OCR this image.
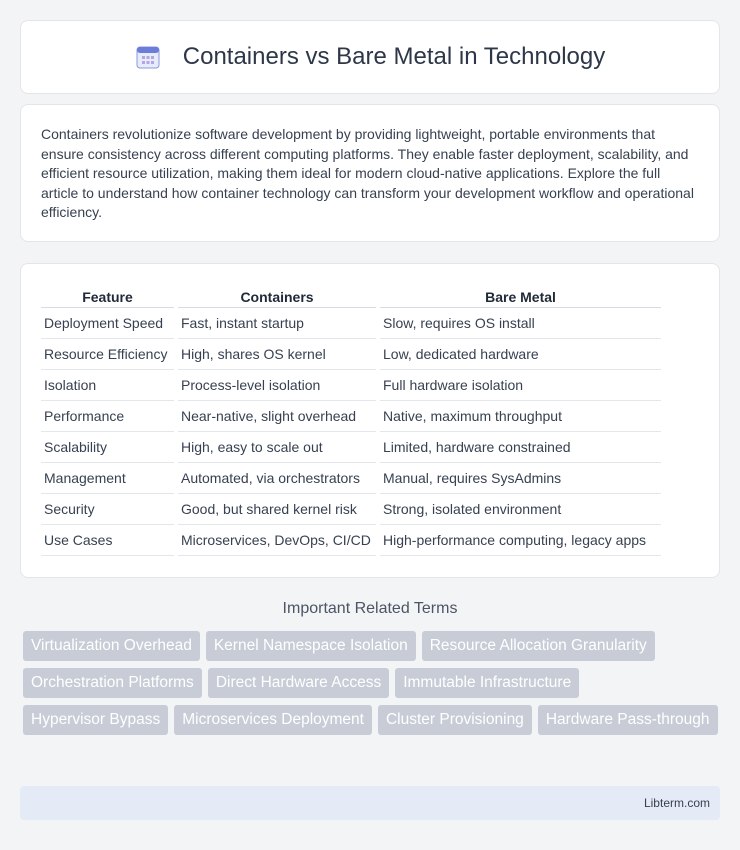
Containers vs Bare Metal in Technology

Containers revolutionize software development by providing lightweight, portable environments that ensure consistency across different computing platforms. They enable faster deployment, scalability, and efficient resource utilization, making them ideal for modern cloud-native applications. Explore the full article to understand how container technology can transform your development workflow and operational efficiency.

Feature	Containers	Bare Metal
Deployment Speed	Fast, instant startup	Slow, requires OS install
Resource Efficiency	High, shares OS kernel	Low, dedicated hardware
Isolation	Process-level isolation	Full hardware isolation
Performance	Near-native, slight overhead	Native, maximum throughput
Scalability	High, easy to scale out	Limited, hardware constrained
Management	Automated, via orchestrators	Manual, requires SysAdmins
Security	Good, but shared kernel risk	Strong, isolated environment
Use Cases	Microservices, DevOps, CI/CD	High-performance computing, legacy apps
Important Related Terms
Virtualization Overhead	Kernel Namespace Isolation	Resource Allocation Granularity
Orchestration Platforms	Direct Hardware Access	Immutable Infrastructure
Hypervisor Bypass	Microservices Deployment	Cluster Provisioning	Hardware Pass-through
Libterm.com
